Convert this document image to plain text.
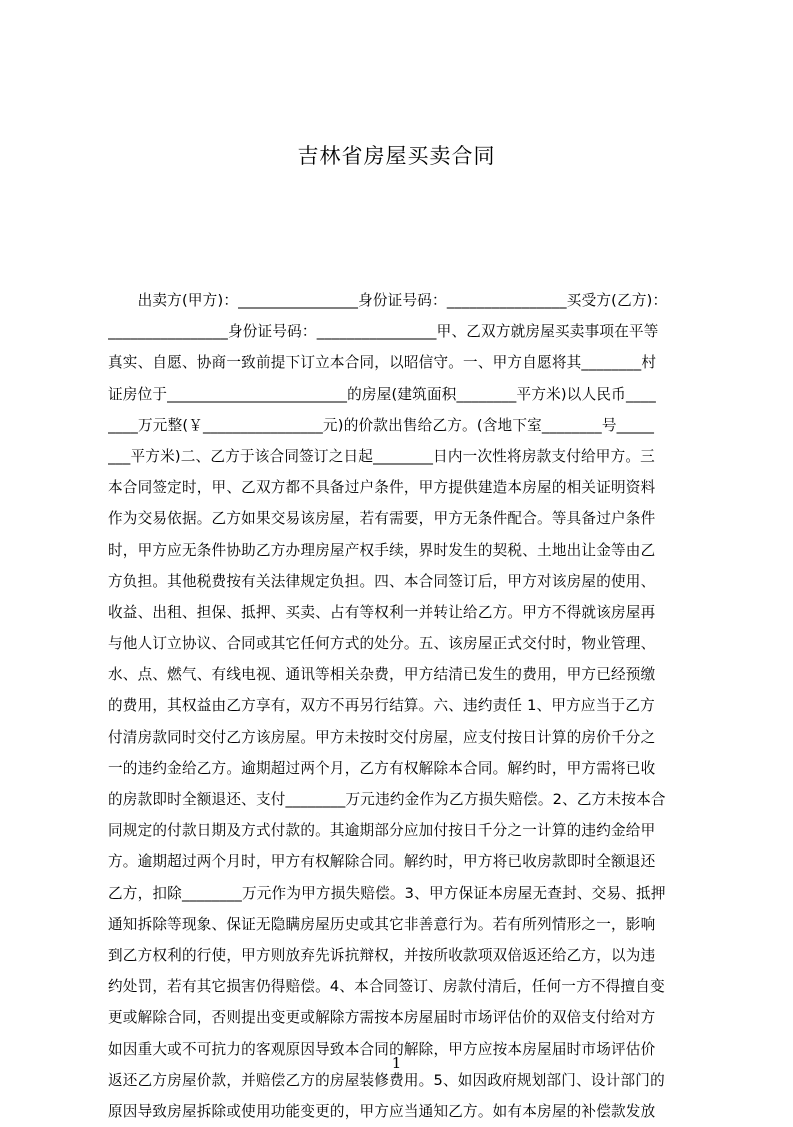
吉林省房屋买卖合同
　　出卖方(甲方)：________________身份证号码：________________买受方(乙方)：
________________身份证号码：________________甲、乙双方就房屋买卖事项在平等
真实、自愿、协商一致前提下订立本合同，以昭信守。一、甲方自愿将其________村
证房位于________________________的房屋(建筑面积________平方米)以人民币____
____万元整(￥________________元)的价款出售给乙方。(含地下室________号_____
___平方米)二、乙方于该合同签订之日起________日内一次性将房款支付给甲方。三
本合同签定时，甲、乙双方都不具备过户条件，甲方提供建造本房屋的相关证明资料
作为交易依据。乙方如果交易该房屋，若有需要，甲方无条件配合。等具备过户条件
时，甲方应无条件协助乙方办理房屋产权手续，界时发生的契税、土地出让金等由乙
方负担。其他税费按有关法律规定负担。四、本合同签订后，甲方对该房屋的使用、
收益、出租、担保、抵押、买卖、占有等权利一并转让给乙方。甲方不得就该房屋再
与他人订立协议、合同或其它任何方式的处分。五、该房屋正式交付时，物业管理、
水、点、燃气、有线电视、通讯等相关杂费，甲方结清已发生的费用，甲方已经预缴
的费用，其权益由乙方享有，双方不再另行结算。六、违约责任 1、甲方应当于乙方
付清房款同时交付乙方该房屋。甲方未按时交付房屋，应支付按日计算的房价千分之
一的违约金给乙方。逾期超过两个月，乙方有权解除本合同。解约时，甲方需将已收
的房款即时全额退还、支付________万元违约金作为乙方损失赔偿。2、乙方未按本合
同规定的付款日期及方式付款的。其逾期部分应加付按日千分之一计算的违约金给甲
方。逾期超过两个月时，甲方有权解除合同。解约时，甲方将已收房款即时全额退还
乙方，扣除________万元作为甲方损失赔偿。3、甲方保证本房屋无查封、交易、抵押
通知拆除等现象、保证无隐瞒房屋历史或其它非善意行为。若有所列情形之一，影响
到乙方权利的行使，甲方则放弃先诉抗辩权，并按所收款项双倍返还给乙方，以为违
约处罚，若有其它损害仍得赔偿。4、本合同签订、房款付清后，任何一方不得擅自变
更或解除合同，否则提出变更或解除方需按本房屋届时市场评估价的双倍支付给对方
如因重大或不可抗力的客观原因导致本合同的解除，甲方应按本房屋届时市场评估价
返还乙方房屋价款，并赔偿乙方的房屋装修费用。5、如因政府规划部门、设计部门的
原因导致房屋拆除或使用功能变更的，甲方应当通知乙方。如有本房屋的补偿款发放
1
